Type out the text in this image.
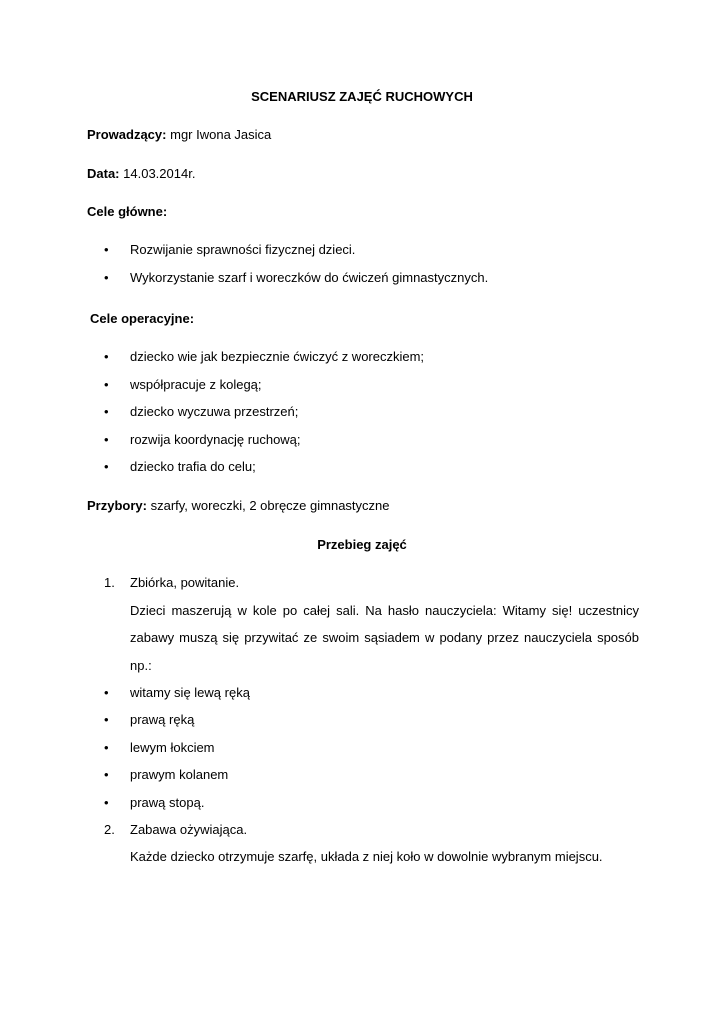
SCENARIUSZ ZAJĘĆ RUCHOWYCH
Prowadzący: mgr Iwona Jasica
Data: 14.03.2014r.
Cele główne:
• Rozwijanie sprawności fizycznej dzieci.
• Wykorzystanie szarf i woreczków do ćwiczeń gimnastycznych.
Cele operacyjne:
• dziecko wie jak bezpiecznie ćwiczyć z woreczkiem;
• współpracuje z kolegą;
• dziecko wyczuwa przestrzeń;
• rozwija koordynację ruchową;
• dziecko trafia do celu;
Przybory: szarfy, woreczki, 2 obręcze gimnastyczne
Przebieg zajęć
1. Zbiórka, powitanie.
Dzieci maszerują w kole po całej sali. Na hasło nauczyciela: Witamy się! uczestnicy
zabawy muszą się przywitać ze swoim sąsiadem w podany przez nauczyciela sposób
np.:
• witamy się lewą ręką
• prawą ręką
• lewym łokciem
• prawym kolanem
• prawą stopą.
2. Zabawa ożywiająca.
Każde dziecko otrzymuje szarfę, układa z niej koło w dowolnie wybranym miejscu.
